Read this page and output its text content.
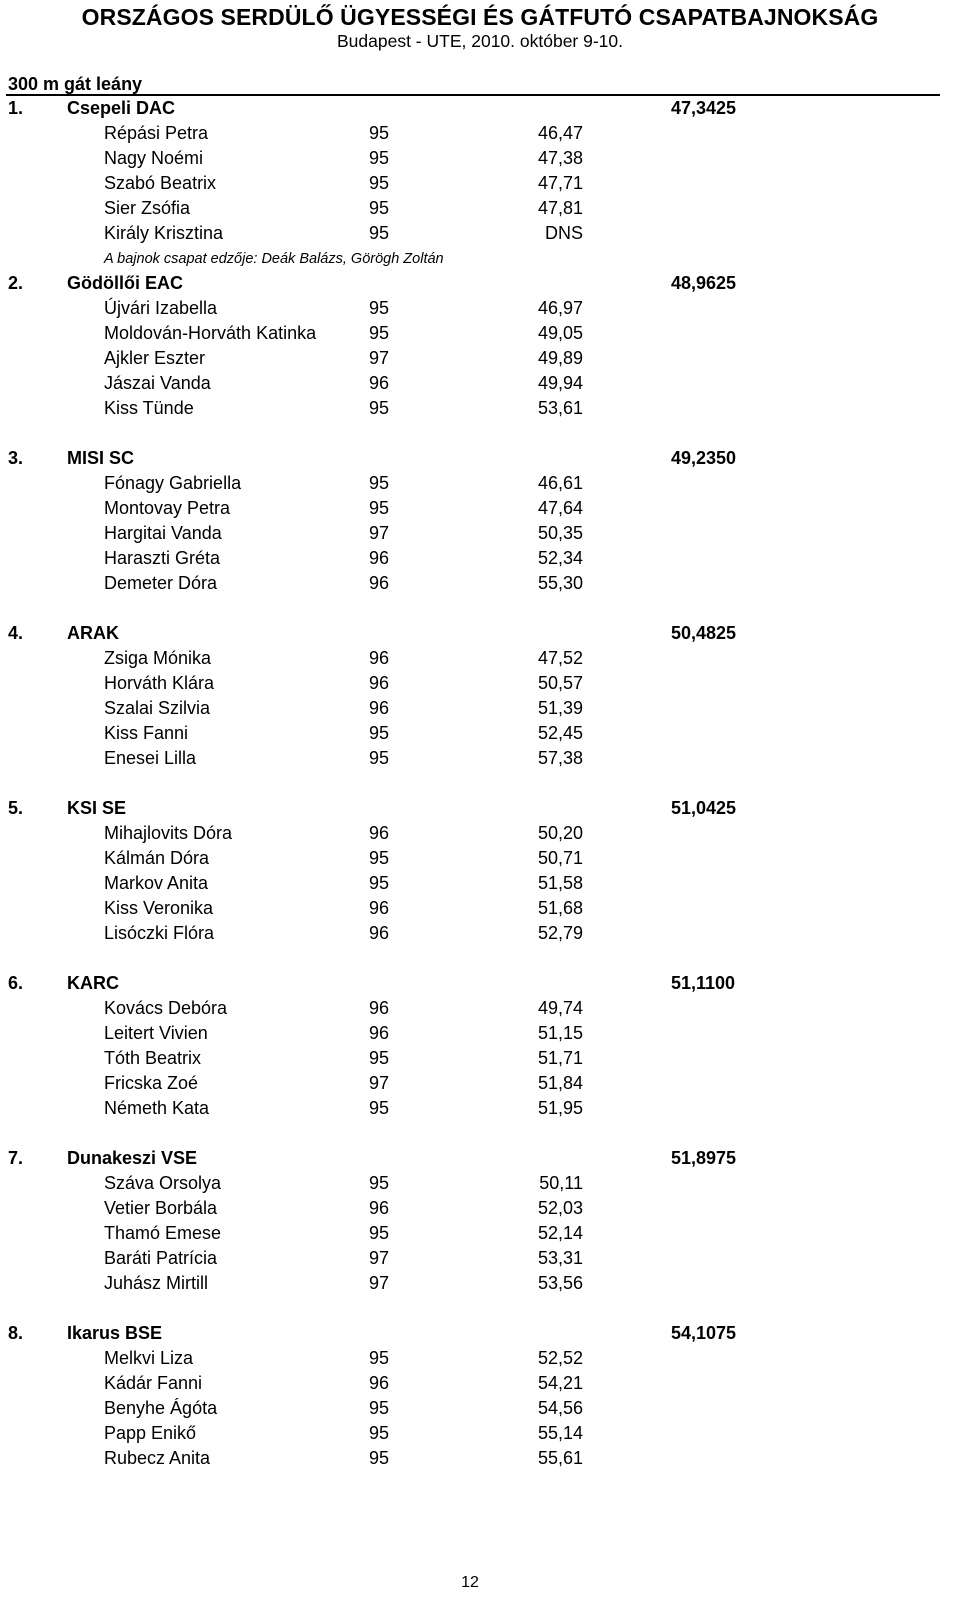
ORSZÁGOS SERDÜLŐ ÜGYESSÉGI ÉS GÁTFUTÓ CSAPATBAJNOKSÁG
Budapest - UTE, 2010. október 9-10.
300 m gát leány
1. Csepeli DAC	47,3425
Répási Petra	95	46,47
Nagy Noémi	95	47,38
Szabó Beatrix	95	47,71
Sier Zsófia	95	47,81
Király Krisztina	95	DNS
A bajnok csapat edzője: Deák Balázs, Görögh Zoltán
2. Gödöllői EAC	48,9625
Újvári Izabella	95	46,97
Moldován-Horváth Katinka	95	49,05
Ajkler Eszter	97	49,89
Jászai Vanda	96	49,94
Kiss Tünde	95	53,61
3. MISI SC	49,2350
Fónagy Gabriella	95	46,61
Montovay Petra	95	47,64
Hargitai Vanda	97	50,35
Haraszti Gréta	96	52,34
Demeter Dóra	96	55,30
4. ARAK	50,4825
Zsiga Mónika	96	47,52
Horváth Klára	96	50,57
Szalai Szilvia	96	51,39
Kiss Fanni	95	52,45
Enesei Lilla	95	57,38
5. KSI SE	51,0425
Mihajlovits Dóra	96	50,20
Kálmán Dóra	95	50,71
Markov Anita	95	51,58
Kiss Veronika	96	51,68
Lisóczki Flóra	96	52,79
6. KARC	51,1100
Kovács Debóra	96	49,74
Leitert Vivien	96	51,15
Tóth Beatrix	95	51,71
Fricska Zoé	97	51,84
Németh Kata	95	51,95
7. Dunakeszi VSE	51,8975
Száva Orsolya	95	50,11
Vetier Borbála	96	52,03
Thamó Emese	95	52,14
Baráti Patrícia	97	53,31
Juhász Mirtill	97	53,56
8. Ikarus BSE	54,1075
Melkvi Liza	95	52,52
Kádár Fanni	96	54,21
Benyhe Ágóta	95	54,56
Papp Enikő	95	55,14
Rubecz Anita	95	55,61
12
